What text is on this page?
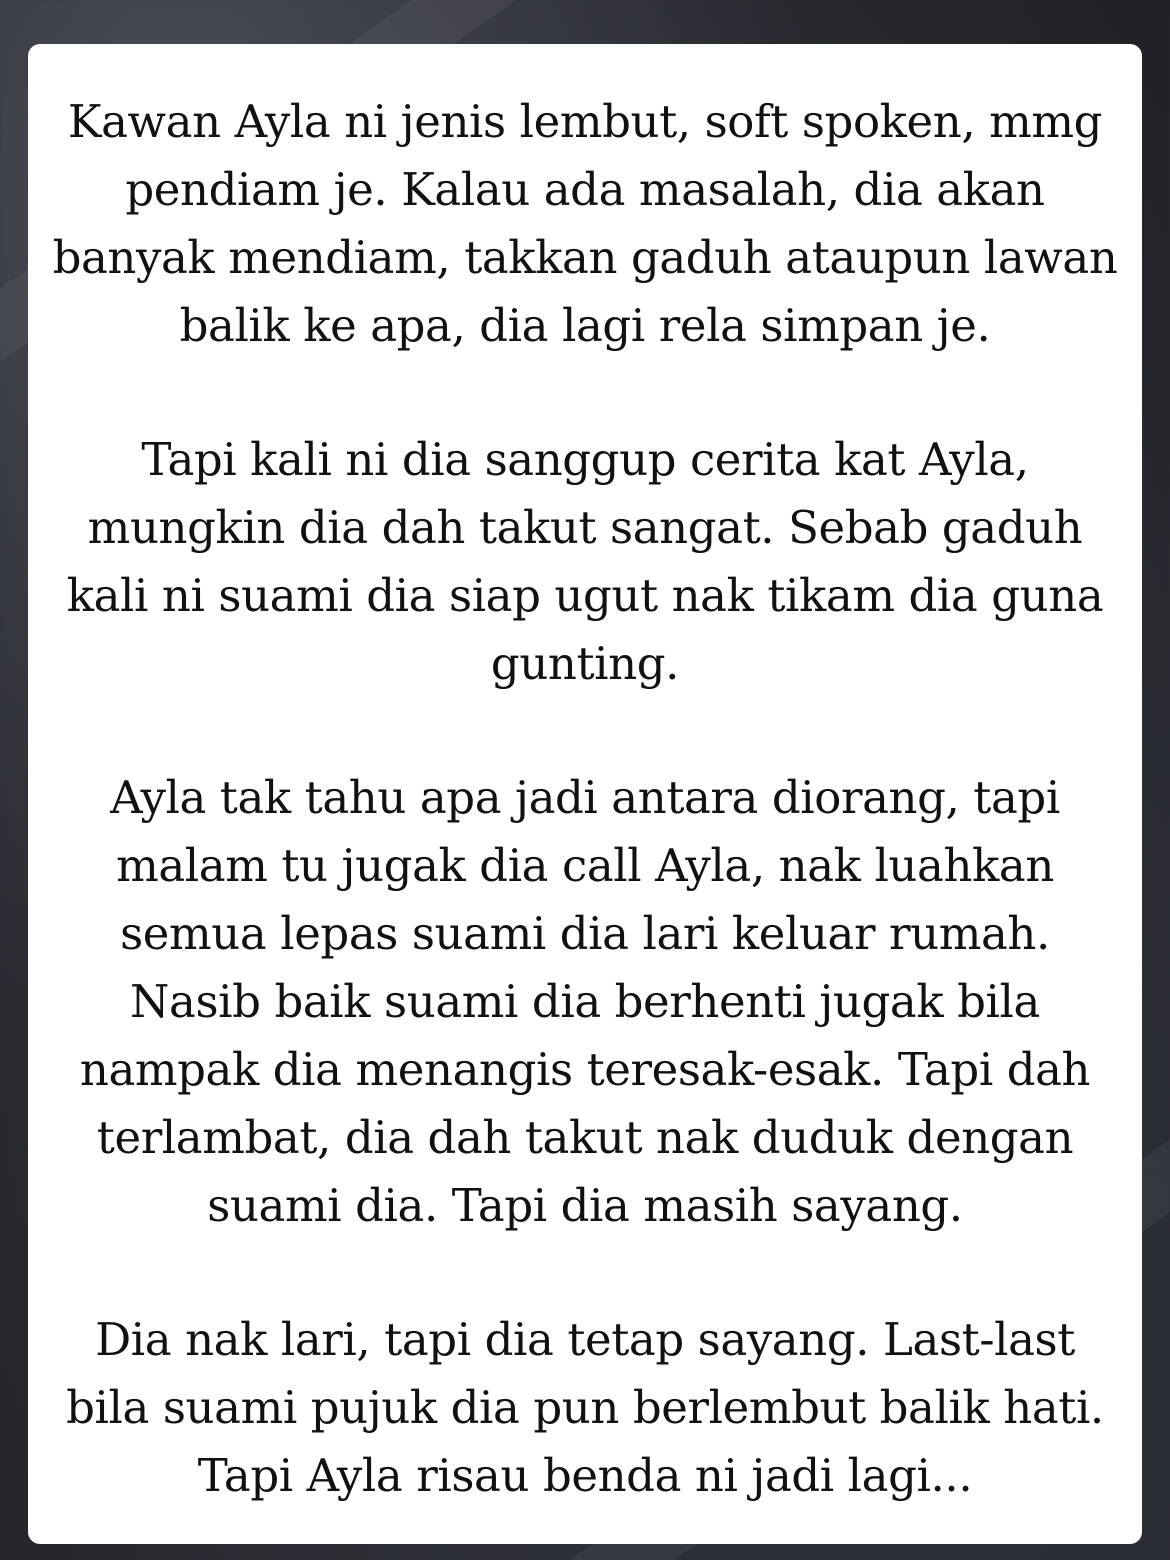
Kawan Ayla ni jenis lembut, soft spoken, mmg pendiam je. Kalau ada masalah, dia akan banyak mendiam, takkan gaduh ataupun lawan balik ke apa, dia lagi rela simpan je.

Tapi kali ni dia sanggup cerita kat Ayla, mungkin dia dah takut sangat. Sebab gaduh kali ni suami dia siap ugut nak tikam dia guna gunting.

Ayla tak tahu apa jadi antara diorang, tapi malam tu jugak dia call Ayla, nak luahkan semua lepas suami dia lari keluar rumah. Nasib baik suami dia berhenti jugak bila nampak dia menangis teresak-esak. Tapi dah terlambat, dia dah takut nak duduk dengan suami dia. Tapi dia masih sayang.

Dia nak lari, tapi dia tetap sayang. Last-last bila suami pujuk dia pun berlembut balik hati. Tapi Ayla risau benda ni jadi lagi...
